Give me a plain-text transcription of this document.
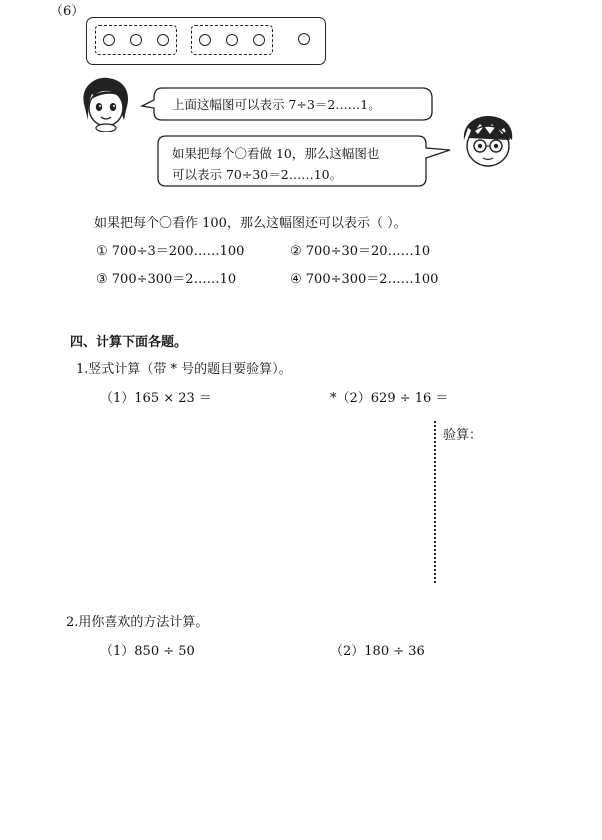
（6）
上面这幅图可以表示 7÷3＝2……1。
如果把每个〇看做 10，那么这幅图也
可以表示 70÷30＝2……10。
如果把每个〇看作 100，那么这幅图还可以表示（ ）。
① 700÷3＝200……100	② 700÷30＝20……10
③ 700÷300＝2……10	④ 700÷300＝2……100
四、计算下面各题。
1.竖式计算（带 * 号的题目要验算）。
（1）165 × 23 ＝	*（2）629 ÷ 16 ＝
验算：
2.用你喜欢的方法计算。
（1）850 ÷ 50	（2）180 ÷ 36
